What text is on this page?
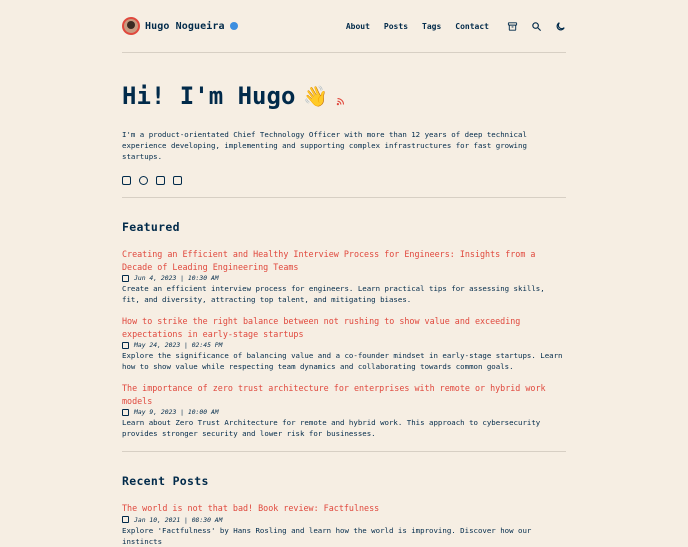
Hugo Nogueira	About Posts Tags Contact
Hi! I'm Hugo 👋
I'm a product-orientated Chief Technology Officer with more than 12 years of deep technical experience developing, implementing and supporting complex infrastructures for fast growing startups.
Featured
Creating an Efficient and Healthy Interview Process for Engineers: Insights from a Decade of Leading Engineering Teams
Jun 4, 2023 | 10:30 AM
Create an efficient interview process for engineers. Learn practical tips for assessing skills, fit, and diversity, attracting top talent, and mitigating biases.
How to strike the right balance between not rushing to show value and exceeding expectations in early-stage startups
May 24, 2023 | 02:45 PM
Explore the significance of balancing value and a co-founder mindset in early-stage startups. Learn how to show value while respecting team dynamics and collaborating towards common goals.
The importance of zero trust architecture for enterprises with remote or hybrid work models
May 9, 2023 | 10:00 AM
Learn about Zero Trust Architecture for remote and hybrid work. This approach to cybersecurity provides stronger security and lower risk for businesses.
Recent Posts
The world is not that bad! Book review: Factfulness
Jan 10, 2021 | 08:30 AM
Explore 'Factfulness' by Hans Rosling and learn how the world is improving. Discover how our instincts
